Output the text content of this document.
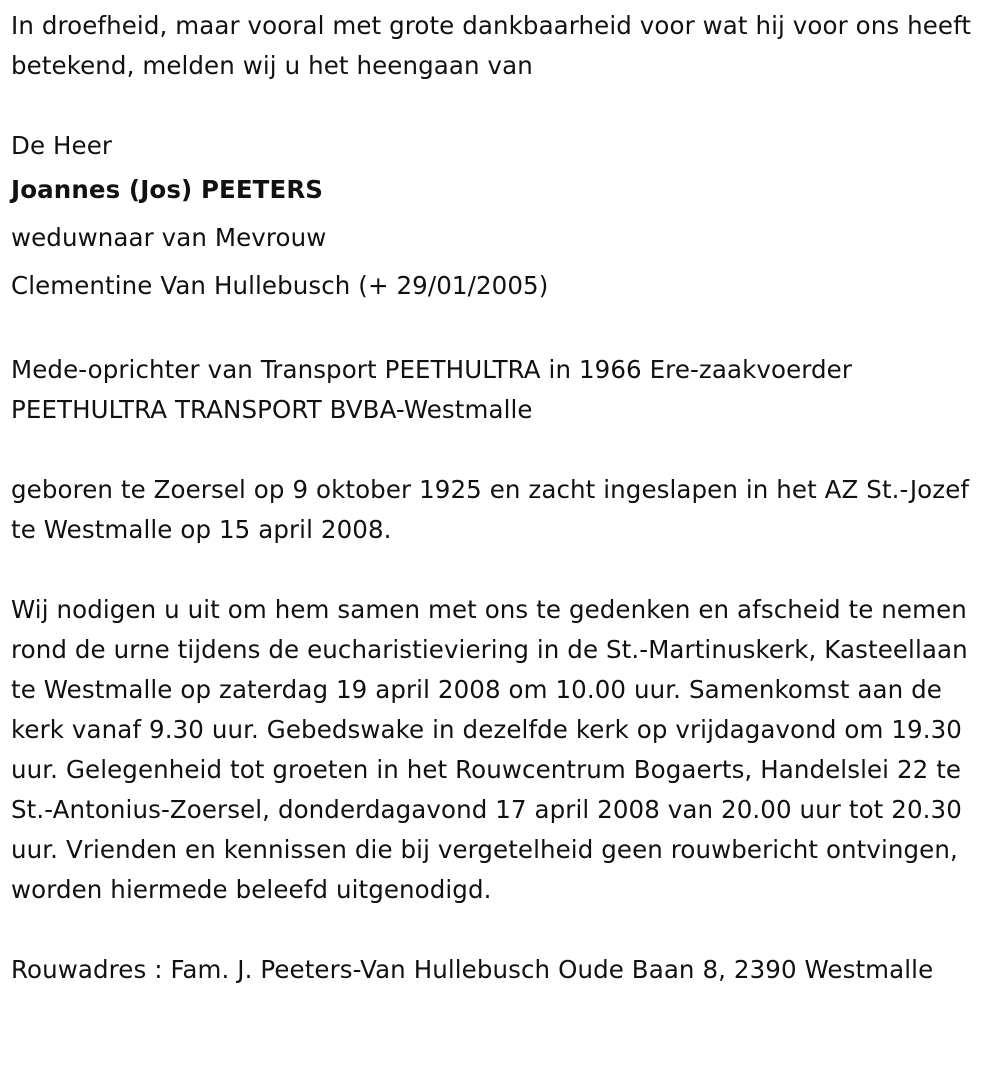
In droefheid, maar vooral met grote dankbaarheid voor wat hij voor ons heeft betekend, melden wij u het heengaan van

De Heer

Joannes (Jos) PEETERS

weduwnaar van Mevrouw

Clementine Van Hullebusch (+ 29/01/2005)

Mede-oprichter van Transport PEETHULTRA in 1966 Ere-zaakvoerder PEETHULTRA TRANSPORT BVBA-Westmalle

geboren te Zoersel op 9 oktober 1925 en zacht ingeslapen in het AZ St.-Jozef te Westmalle op 15 april 2008.

Wij nodigen u uit om hem samen met ons te gedenken en afscheid te nemen rond de urne tijdens de eucharistieviering in de St.-Martinuskerk, Kasteellaan te Westmalle op zaterdag 19 april 2008 om 10.00 uur. Samenkomst aan de kerk vanaf 9.30 uur. Gebedswake in dezelfde kerk op vrijdagavond om 19.30 uur. Gelegenheid tot groeten in het Rouwcentrum Bogaerts, Handelslei 22 te St.-Antonius-Zoersel, donderdagavond 17 april 2008 van 20.00 uur tot 20.30 uur. Vrienden en kennissen die bij vergetelheid geen rouwbericht ontvingen, worden hiermede beleefd uitgenodigd.

Rouwadres : Fam. J. Peeters-Van Hullebusch Oude Baan 8, 2390 Westmalle
